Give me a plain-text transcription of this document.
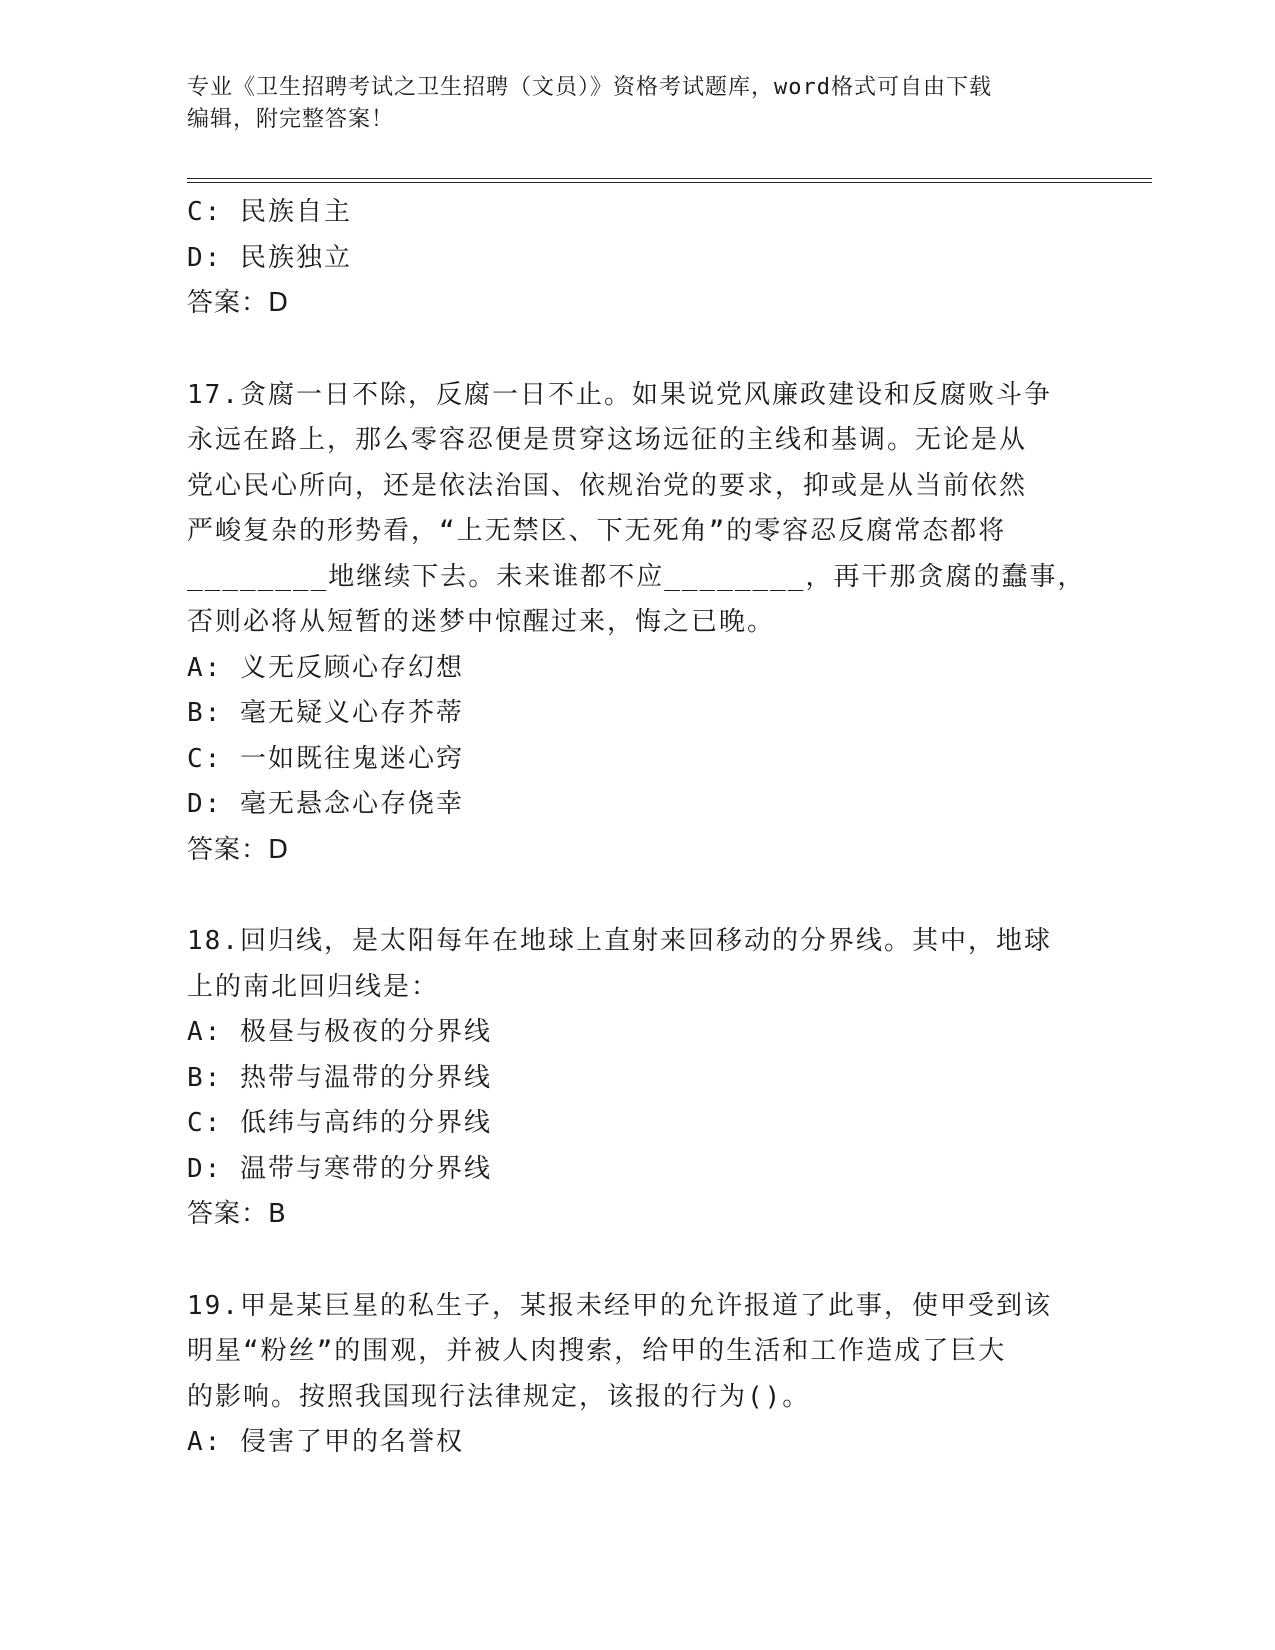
专业《卫生招聘考试之卫生招聘（文员）》资格考试题库，word格式可自由下载
编辑，附完整答案！
C: 民族自主
D: 民族独立
答案：D
17.贪腐一日不除，反腐一日不止。如果说党风廉政建设和反腐败斗争
永远在路上，那么零容忍便是贯穿这场远征的主线和基调。无论是从
党心民心所向，还是依法治国、依规治党的要求，抑或是从当前依然
严峻复杂的形势看，“上无禁区、下无死角”的零容忍反腐常态都将
________地继续下去。未来谁都不应________，再干那贪腐的蠢事，
否则必将从短暂的迷梦中惊醒过来，悔之已晚。
A: 义无反顾心存幻想
B: 毫无疑义心存芥蒂
C: 一如既往鬼迷心窍
D: 毫无悬念心存侥幸
答案：D
18.回归线，是太阳每年在地球上直射来回移动的分界线。其中，地球
上的南北回归线是：
A: 极昼与极夜的分界线
B: 热带与温带的分界线
C: 低纬与高纬的分界线
D: 温带与寒带的分界线
答案：B
19.甲是某巨星的私生子，某报未经甲的允许报道了此事，使甲受到该
明星“粉丝”的围观，并被人肉搜索，给甲的生活和工作造成了巨大
的影响。按照我国现行法律规定，该报的行为()。
A: 侵害了甲的名誉权
